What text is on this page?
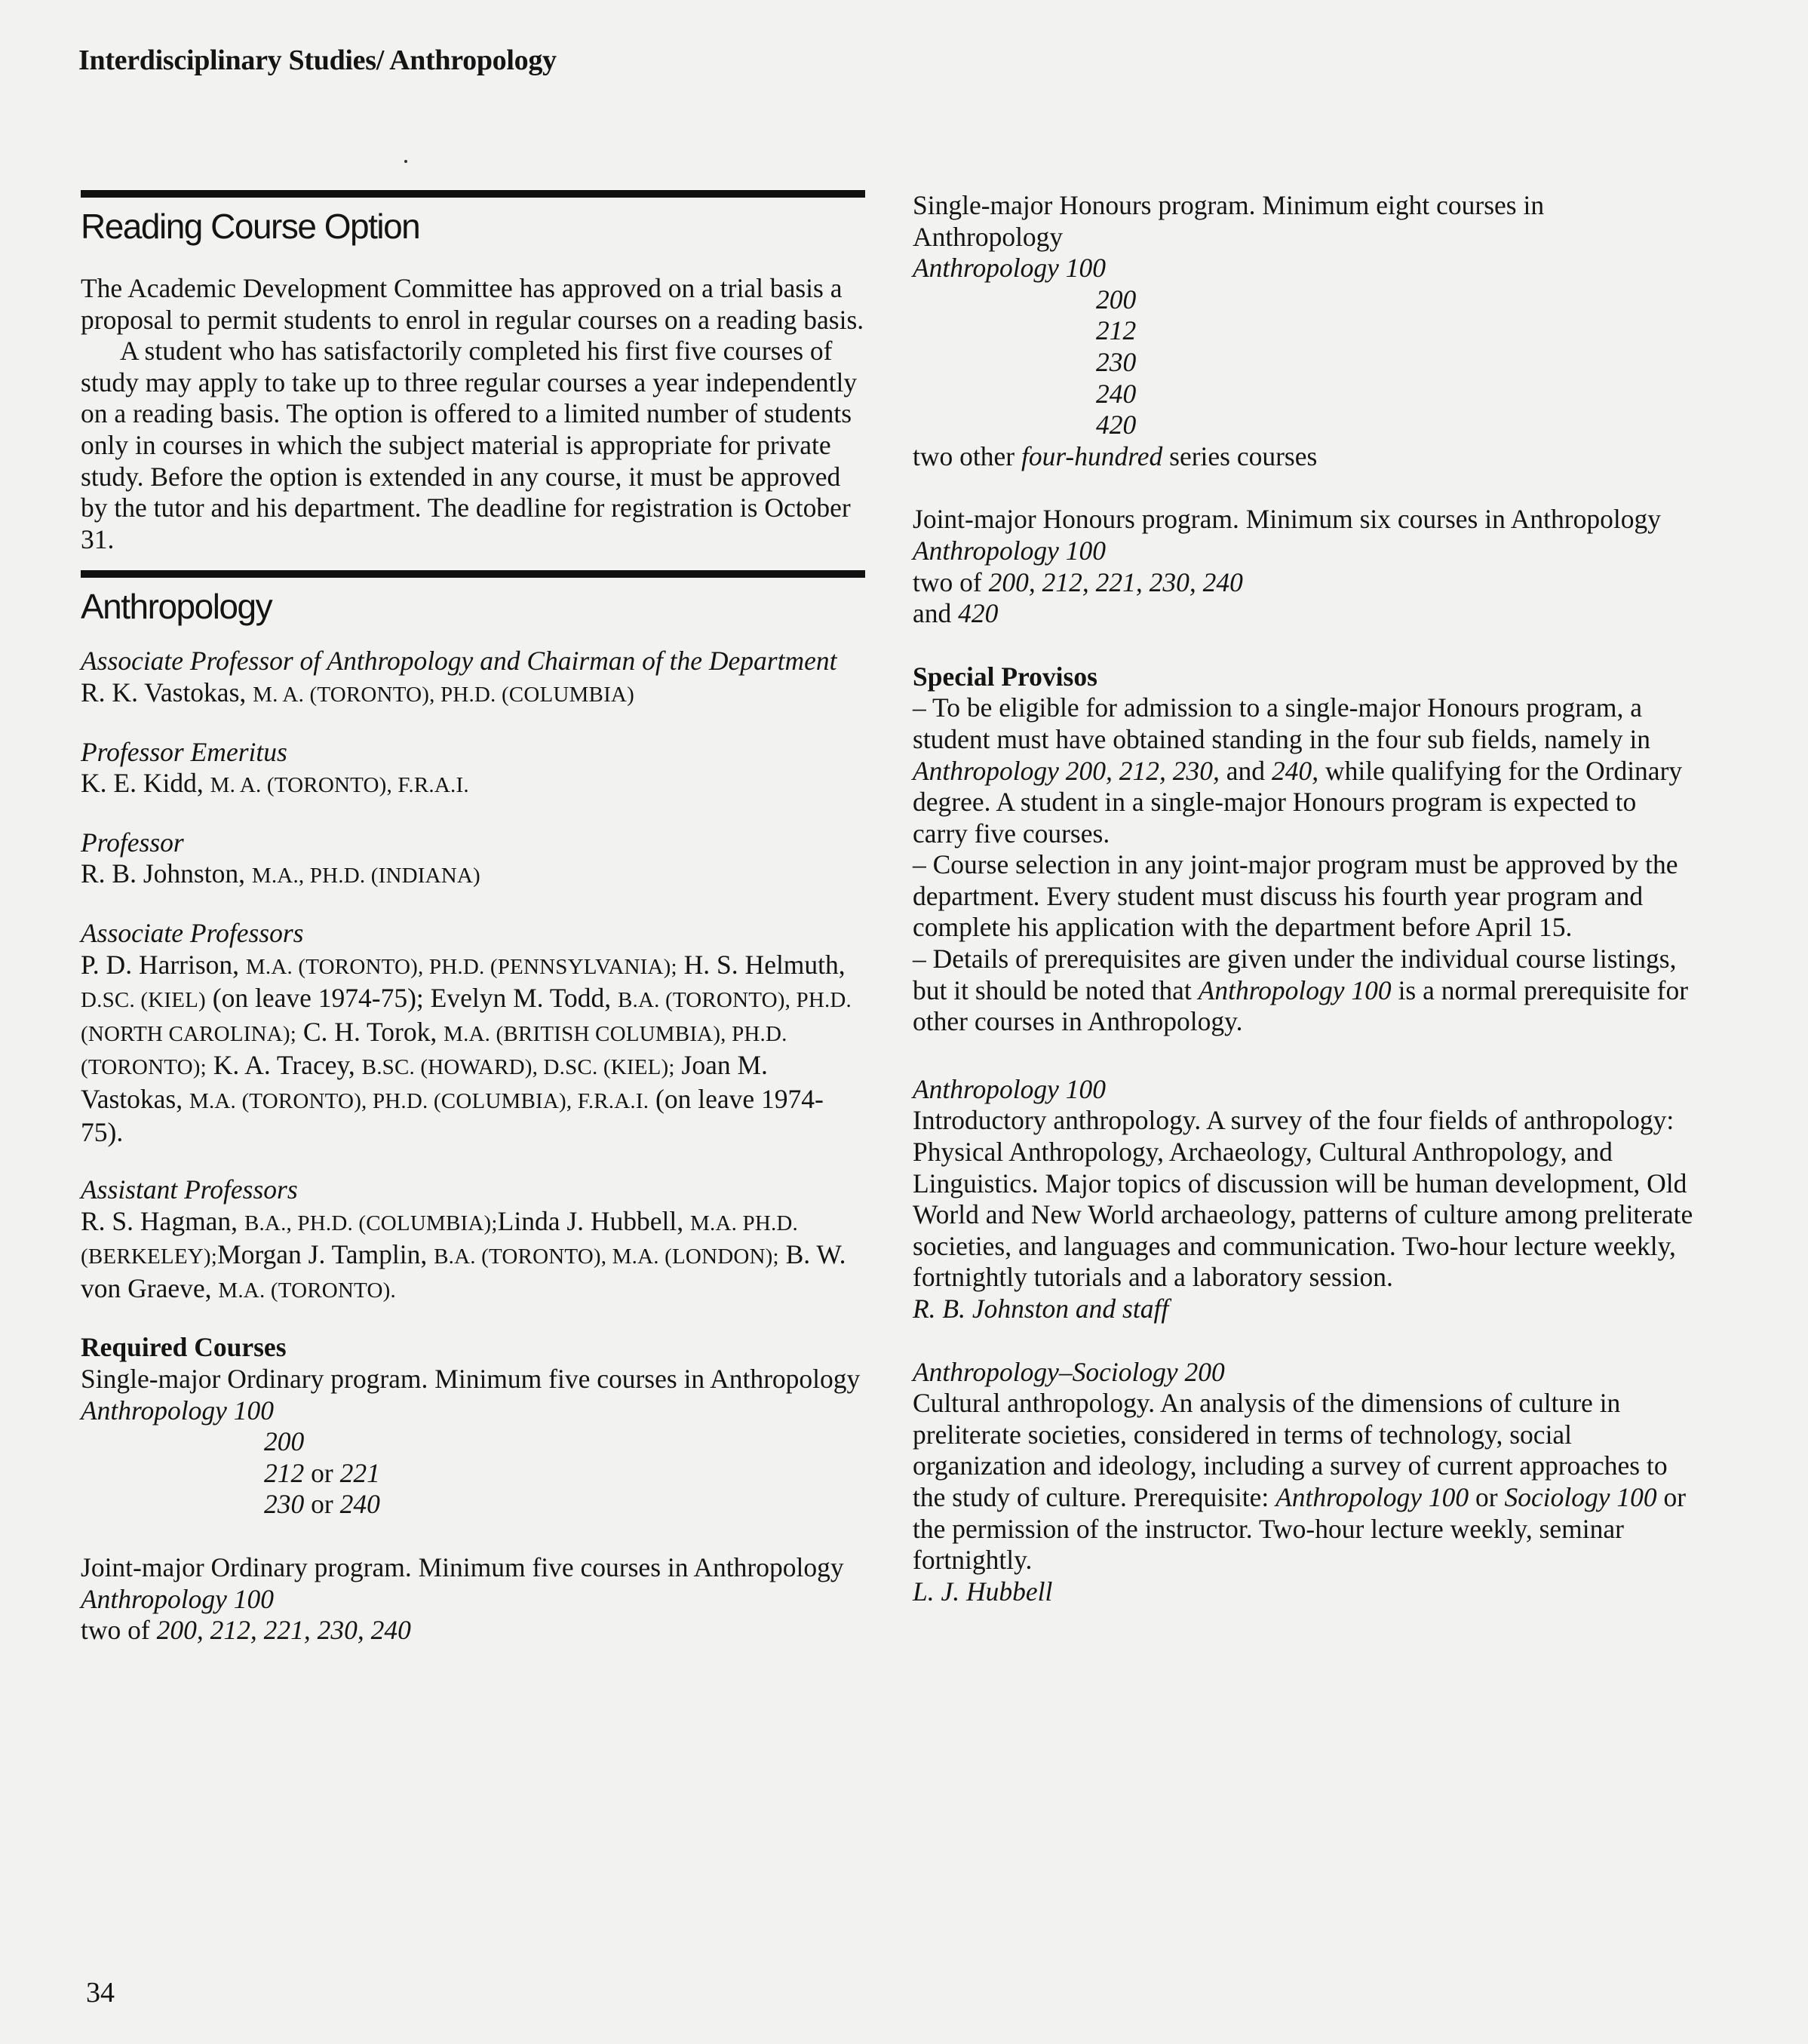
Interdisciplinary Studies/ Anthropology
Reading Course Option

The Academic Development Committee has approved on a trial basis a proposal to permit students to enrol in regular courses on a reading basis.

A student who has satisfactorily completed his first five courses of study may apply to take up to three regular courses a year independently on a reading basis. The option is offered to a limited number of students only in courses in which the subject material is appropriate for private study. Before the option is extended in any course, it must be approved by the tutor and his department. The deadline for registration is October 31.

Anthropology

Associate Professor of Anthropology and Chairman of the Department

R. K. Vastokas, M. A. (TORONTO), PH.D. (COLUMBIA)

Professor Emeritus

K. E. Kidd, M. A. (TORONTO), F.R.A.I.

Professor

R. B. Johnston, M.A., PH.D. (INDIANA)

Associate Professors

P. D. Harrison, M.A. (TORONTO), PH.D. (PENNSYLVANIA); H. S. Helmuth, D.SC. (KIEL) (on leave 1974-75); Evelyn M. Todd, B.A. (TORONTO), PH.D. (NORTH CAROLINA); C. H. Torok, M.A. (BRITISH COLUMBIA), PH.D. (TORONTO); K. A. Tracey, B.SC. (HOWARD), D.SC. (KIEL); Joan M. Vastokas, M.A. (TORONTO), PH.D. (COLUMBIA), F.R.A.I. (on leave 1974-75).

Assistant Professors

R. S. Hagman, B.A., PH.D. (COLUMBIA);Linda J. Hubbell, M.A. PH.D. (BERKELEY);Morgan J. Tamplin, B.A. (TORONTO), M.A. (LONDON); B. W. von Graeve, M.A. (TORONTO).

Required Courses

Single-major Ordinary program. Minimum five courses in Anthropology

Anthropology 100

200
212 or 221
230 or 240

Joint-major Ordinary program. Minimum five courses in Anthropology

Anthropology 100

two of 200, 212, 221, 230, 240

Single-major Honours program. Minimum eight courses in Anthropology

Anthropology 100

200
212
230
240
420

two other four-hundred series courses

Joint-major Honours program. Minimum six courses in Anthropology

Anthropology 100

two of 200, 212, 221, 230, 240

and 420

Special Provisos

– To be eligible for admission to a single-major Honours program, a student must have obtained standing in the four sub fields, namely in Anthropology 200, 212, 230, and 240, while qualifying for the Ordinary degree. A student in a single-major Honours program is expected to carry five courses.

– Course selection in any joint-major program must be approved by the department. Every student must discuss his fourth year program and complete his application with the department before April 15.

– Details of prerequisites are given under the individual course listings, but it should be noted that Anthropology 100 is a normal prerequisite for other courses in Anthropology.

Anthropology 100

Introductory anthropology. A survey of the four fields of anthropology: Physical Anthropology, Archaeology, Cultural Anthropology, and Linguistics. Major topics of discussion will be human development, Old World and New World archaeology, patterns of culture among preliterate societies, and languages and communication. Two-hour lecture weekly, fortnightly tutorials and a laboratory session.

R. B. Johnston and staff

Anthropology–Sociology 200

Cultural anthropology. An analysis of the dimensions of culture in preliterate societies, considered in terms of technology, social organization and ideology, including a survey of current approaches to the study of culture. Prerequisite: Anthropology 100 or Sociology 100 or the permission of the instructor. Two-hour lecture weekly, seminar fortnightly.

L. J. Hubbell

34
